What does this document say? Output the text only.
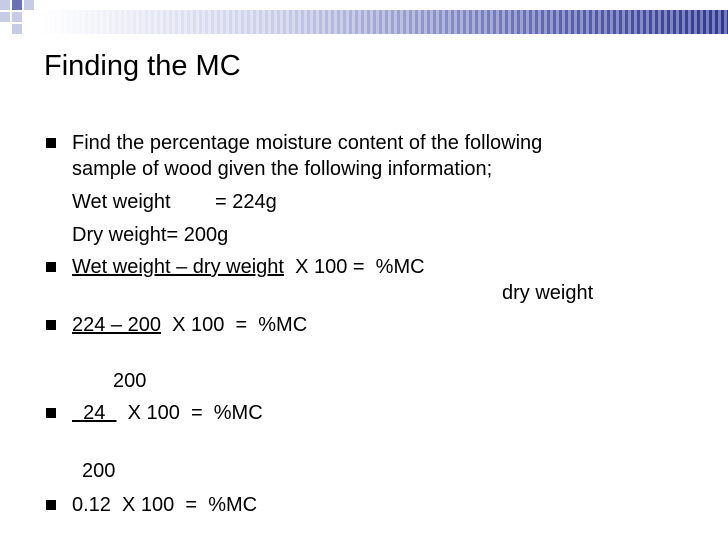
Finding the MC
Find the percentage moisture content of the following
sample of wood given the following information;
Wet weight        = 224g
Dry weight= 200g
Wet weight – dry weight  X 100 =  %MC
dry weight
224 – 200  X 100  =  %MC
200
24    X 100  =  %MC
200
0.12  X 100  =  %MC
